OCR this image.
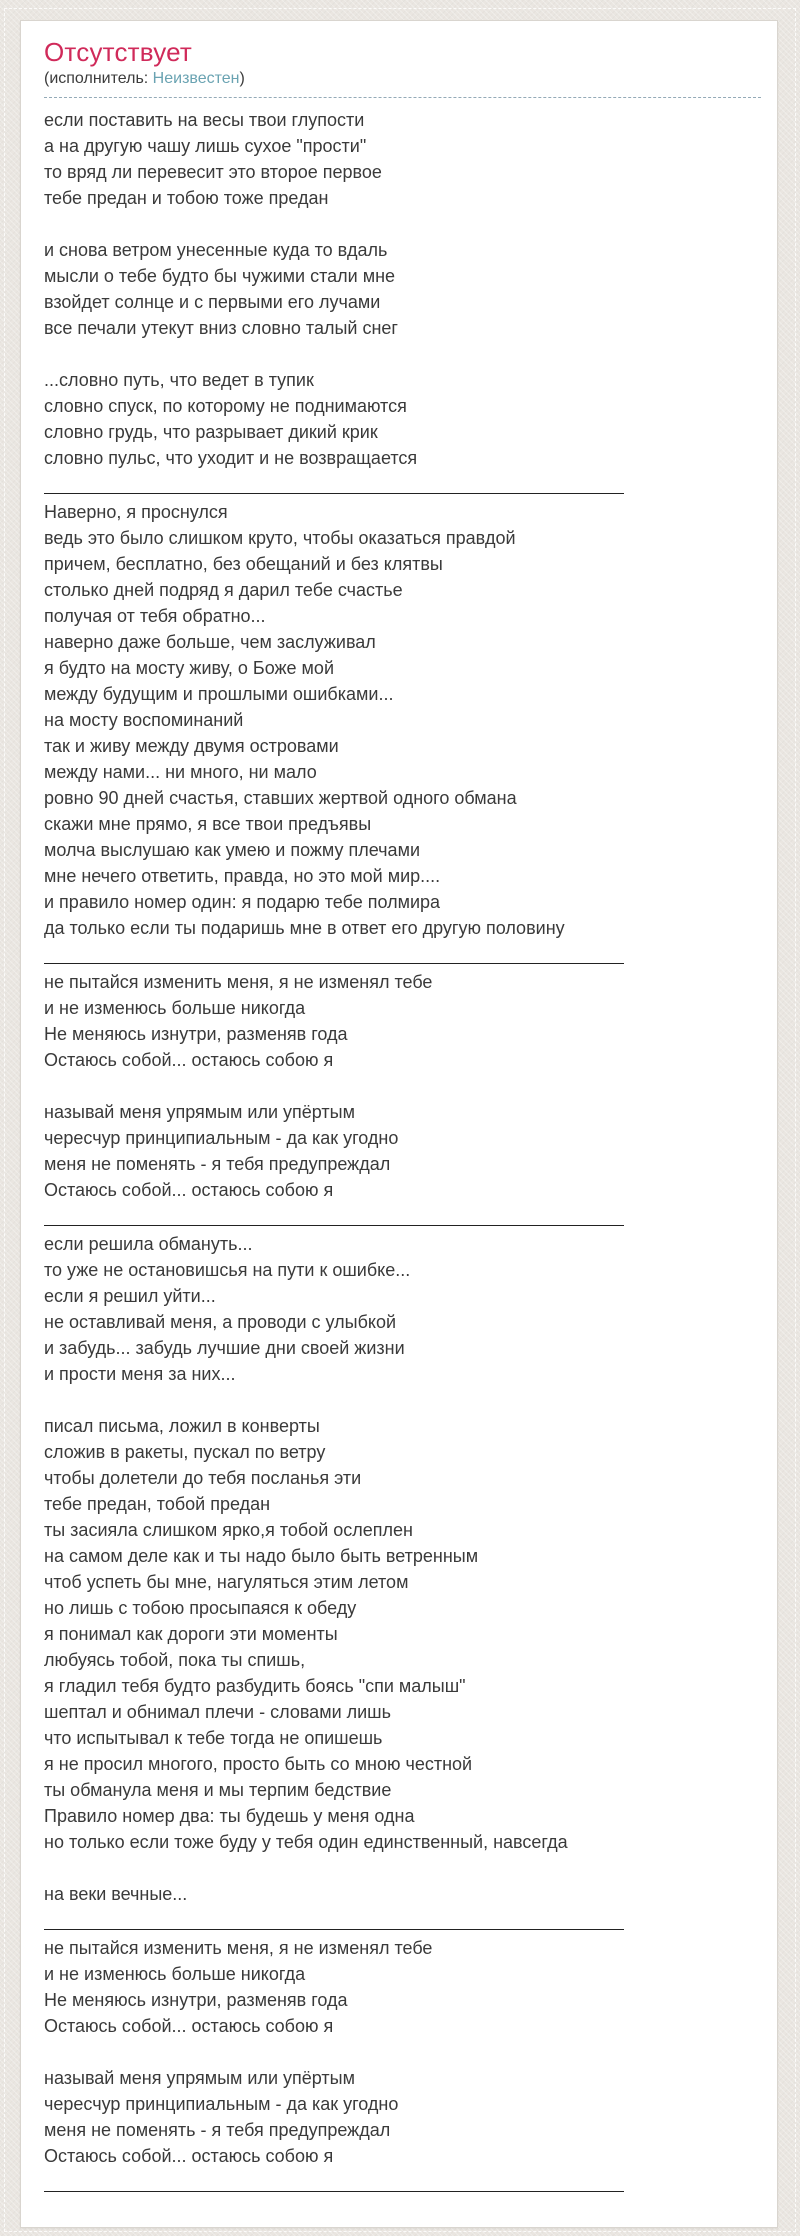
Отсутствует
(исполнитель: Неизвестен)
если поставить на весы твои глупости
а на другую чашу лишь сухое "прости"
то вряд ли перевесит это второе первое
тебе предан и тобою тоже предан
и снова ветром унесенные куда то вдаль
мысли о тебе будто бы чужими стали мне
взойдет солнце и с первыми его лучами
все печали утекут вниз словно талый снег
...словно путь, что ведет в тупик
словно спуск, по которому не поднимаются
словно грудь, что разрывает дикий крик
словно пульс, что уходит и не возвращается
Наверно, я проснулся
ведь это было слишком круто, чтобы оказаться правдой
причем, бесплатно, без обещаний и без клятвы
столько дней подряд я дарил тебе счастье
получая от тебя обратно...
наверно даже больше, чем заслуживал
я будто на мосту живу, о Боже мой
между будущим и прошлыми ошибками...
на мосту воспоминаний
так и живу между двумя островами
между нами... ни много, ни мало
ровно 90 дней счастья, ставших жертвой одного обмана
скажи мне прямо, я все твои предъявы
молча выслушаю как умею и пожму плечами
мне нечего ответить, правда, но это мой мир....
и правило номер один: я подарю тебе полмира
да только если ты подаришь мне в ответ его другую половину
не пытайся изменить меня, я не изменял тебе
и не изменюсь больше никогда
Не меняюсь изнутри, разменяв года
Остаюсь собой... остаюсь собою я
называй меня упрямым или упёртым
чересчур принципиальным - да как угодно
меня не поменять - я тебя предупреждал
Остаюсь собой... остаюсь собою я
если решила обмануть...
то уже не остановишсья на пути к ошибке...
если я решил уйти...
не оставливай меня, а проводи с улыбкой
и забудь... забудь лучшие дни своей жизни
и прости меня за них...
писал письма, ложил в конверты
сложив в ракеты, пускал по ветру
чтобы долетели до тебя посланья эти
тебе предан, тобой предан
ты засияла слишком ярко,я тобой ослеплен
на самом деле как и ты надо было быть ветренным
чтоб успеть бы мне, нагуляться этим летом
но лишь с тобою просыпаяся к обеду
я понимал как дороги эти моменты
любуясь тобой, пока ты спишь,
я гладил тебя будто разбудить боясь "спи малыш"
шептал и обнимал плечи - словами лишь
что испытывал к тебе тогда не опишешь
я не просил многого, просто быть со мною честной
ты обманула меня и мы терпим бедствие
Правило номер два: ты будешь у меня одна
но только если тоже буду у тебя один единственный, навсегда
на веки вечные...
не пытайся изменить меня, я не изменял тебе
и не изменюсь больше никогда
Не меняюсь изнутри, разменяв года
Остаюсь собой... остаюсь собою я
называй меня упрямым или упёртым
чересчур принципиальным - да как угодно
меня не поменять - я тебя предупреждал
Остаюсь собой... остаюсь собою я
